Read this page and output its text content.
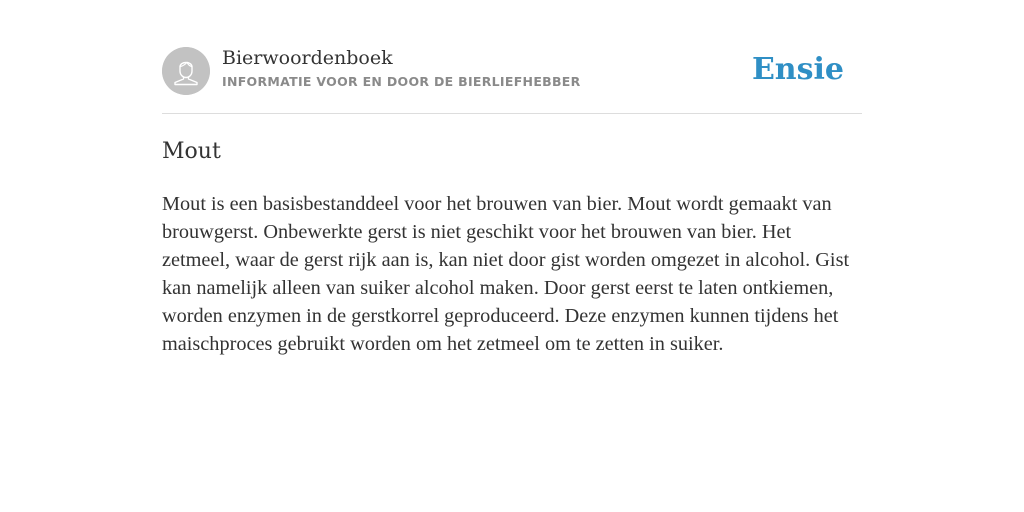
Bierwoordenboek
INFORMATIE VOOR EN DOOR DE BIERLIEFHEBBER	Ensie
Mout

Mout is een basisbestanddeel voor het brouwen van bier. Mout wordt gemaakt van brouwgerst. Onbewerkte gerst is niet geschikt voor het brouwen van bier. Het zetmeel, waar de gerst rijk aan is, kan niet door gist worden omgezet in alcohol. Gist kan namelijk alleen van suiker alcohol maken. Door gerst eerst te laten ontkiemen, worden enzymen in de gerstkorrel geproduceerd. Deze enzymen kunnen tijdens het maischproces gebruikt worden om het zetmeel om te zetten in suiker.
